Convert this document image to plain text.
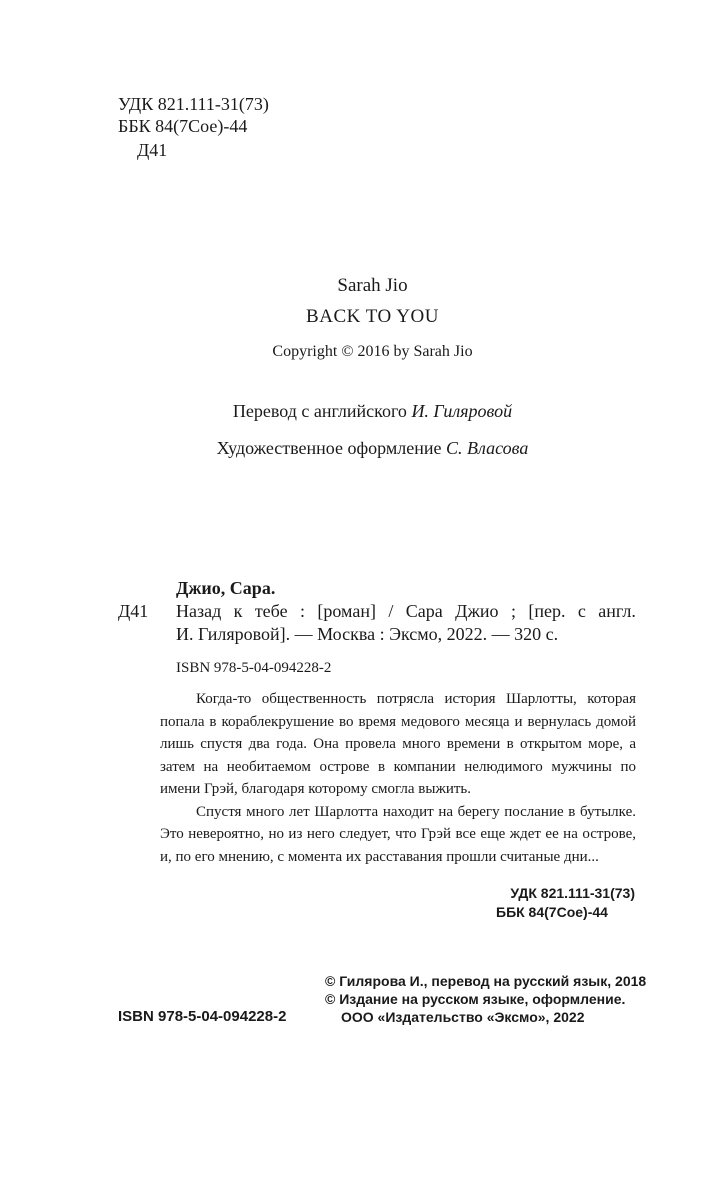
УДК 821.111-31(73)
ББК 84(7Сое)-44
Д41
Sarah Jio
BACK TO YOU
Copyright © 2016 by Sarah Jio
Перевод с английского И. Гиляровой
Художественное оформление С. Власова
Джио, Сара.
Д41 Назад к тебе : [роман] / Сара Джио ; [пер. с англ.
И. Гиляровой]. — Москва : Эксмо, 2022. — 320 с.
ISBN 978-5-04-094228-2

Когда-то общественность потрясла история Шарлотты, которая попала в кораблекрушение во время медового месяца и вернулась домой лишь спустя два года. Она провела много времени в открытом море, а затем на необитаемом острове в компании нелюдимого мужчины по имени Грэй, благодаря которому смогла выжить.

Спустя много лет Шарлотта находит на берегу послание в бутылке. Это невероятно, но из него следует, что Грэй все еще ждет ее на острове, и, по его мнению, с момента их расставания прошли считаные дни...

УДК 821.111-31(73)
ББК 84(7Сое)-44
ISBN 978-5-04-094228-2
© Гилярова И., перевод на русский язык, 2018
© Издание на русском языке, оформление.
ООО «Издательство «Эксмо», 2022
